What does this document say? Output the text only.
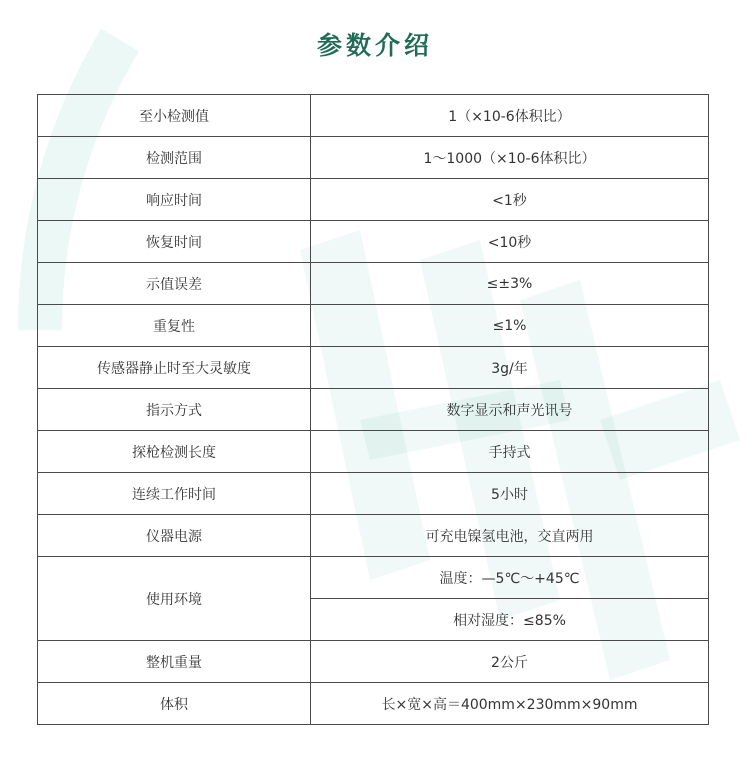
参数介绍
至小检测值	1（×10-6体积比）
检测范围	1～1000（×10-6体积比）
响应时间	<1秒
恢复时间	<10秒
示值误差	≤±3%
重复性	≤1%
传感器静止时至大灵敏度	3g/年
指示方式	数字显示和声光讯号
探枪检测长度	手持式
连续工作时间	5小时
仪器电源	可充电镍氢电池，交直两用
使用环境	温度：—5℃～+45℃
	相对湿度：≤85%
整机重量	2公斤
体积	长×宽×高＝400mm×230mm×90mm
